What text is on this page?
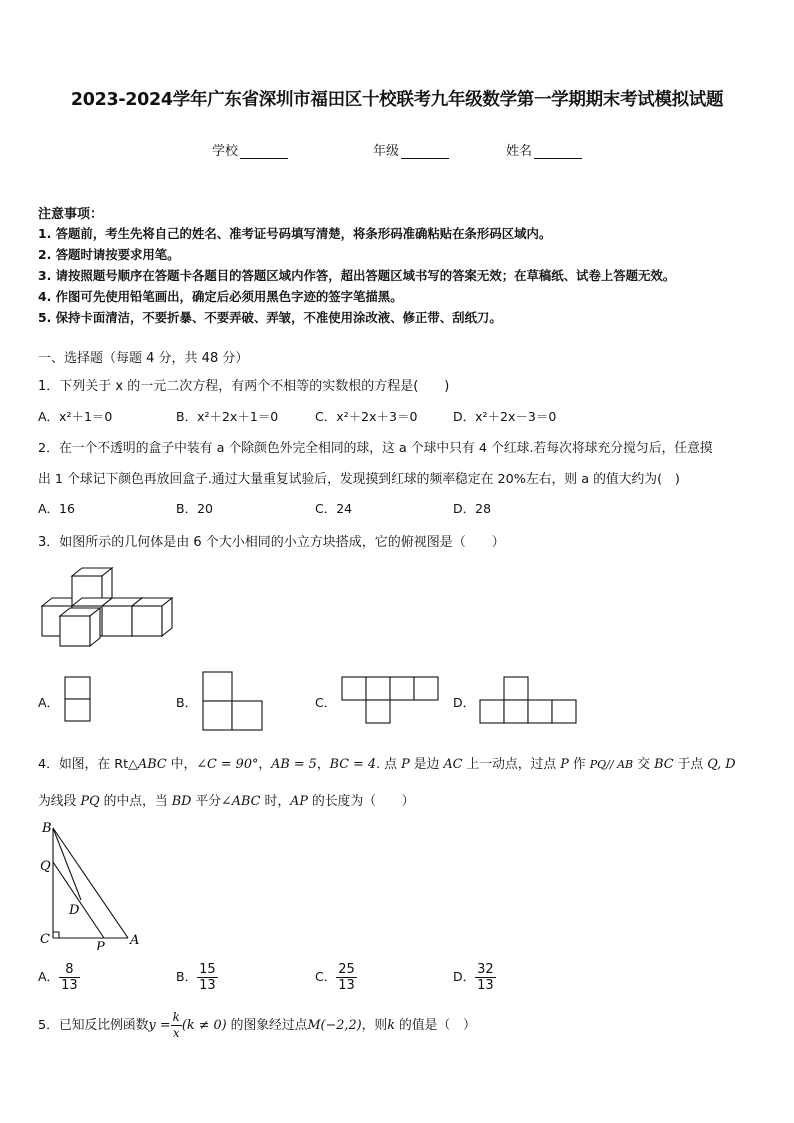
2023-2024学年广东省深圳市福田区十校联考九年级数学第一学期期末考试模拟试题
学校	年级	姓名
注意事项：
1. 答题前，考生先将自己的姓名、准考证号码填写清楚，将条形码准确粘贴在条形码区域内。
2. 答题时请按要求用笔。
3. 请按照题号顺序在答题卡各题目的答题区域内作答，超出答题区域书写的答案无效；在草稿纸、试卷上答题无效。
4. 作图可先使用铅笔画出，确定后必须用黑色字迹的签字笔描黑。
5. 保持卡面清洁，不要折暴、不要弄破、弄皱，不准使用涂改液、修正带、刮纸刀。
一、选择题（每题 4 分，共 48 分）
1．下列关于 x 的一元二次方程，有两个不相等的实数根的方程是(　　)
A．x²＋1＝0	B．x²＋2x＋1＝0	C．x²＋2x＋3＝0	D．x²＋2x－3＝0
2．在一个不透明的盒子中装有 a 个除颜色外完全相同的球，这 a 个球中只有 4 个红球.若每次将球充分搅匀后，任意摸
出 1 个球记下颜色再放回盒子.通过大量重复试验后，发现摸到红球的频率稳定在 20%左右，则 a 的值大约为(　)
A．16	B．20	C．24	D．28
3．如图所示的几何体是由 6 个大小相同的小立方块搭成，它的俯视图是（　　）
A．	B．	C．	D．
4．如图，在 Rt△ABC 中，∠C = 90°，AB = 5，BC = 4. 点 P 是边 AC 上一动点，过点 P 作 PQ// AB 交 BC 于点 Q, D
为线段 PQ 的中点，当 BD 平分∠ABC 时，AP 的长度为（　　）
B
Q
D
C
P A
A． $\frac{8}{13}$	B． $\frac{15}{13}$	C． $\frac{25}{13}$	D． $\frac{32}{13}$
5．已知反比例函数$y = \frac{k}{x} (k \ne 0)$ 的图象经过点M(−2,2)，则k 的值是（　）
